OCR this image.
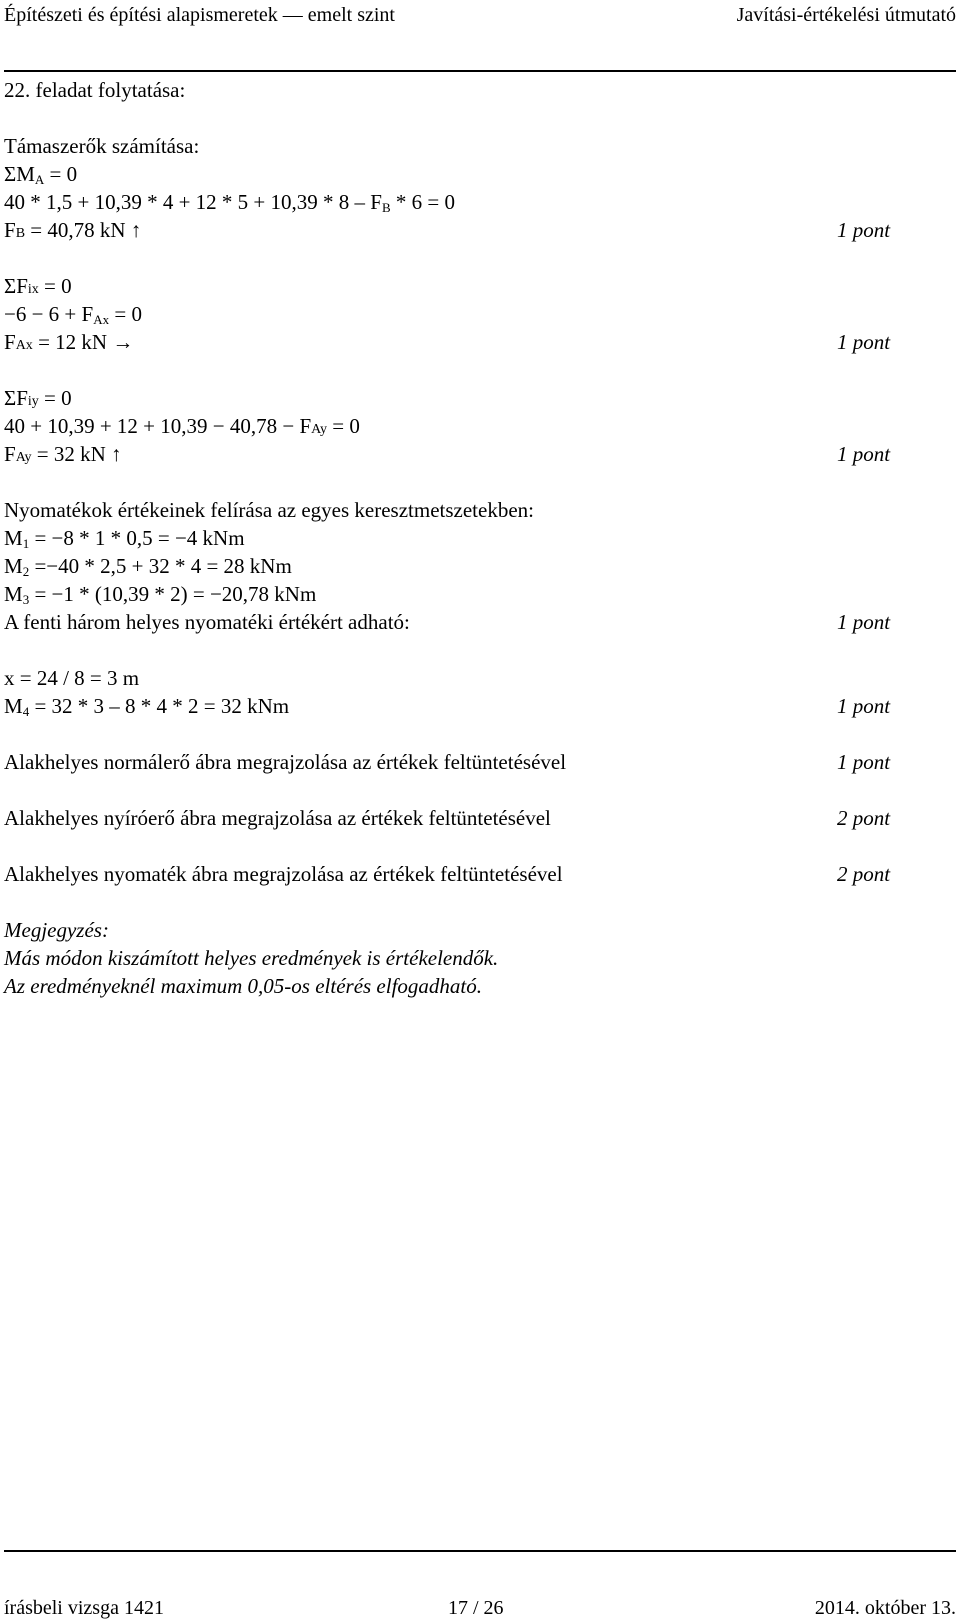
Építészeti és építési alapismeretek — emelt szint	Javítási-értékelési útmutató
22. feladat folytatása:
Támaszerők számítása:
$\Sigma M_A = 0$
$40 * 1,5 + 10,39 * 4 + 12 * 5 + 10,39 * 8 - F_B * 6 = 0$
FB = 40,78 kN ↑	1 pont
ΣFix = 0
$-6 - 6 + F_{Ax} = 0$
FAx = 12 kN →	1 pont
ΣFiy = 0
40 + 10,39 + 12 + 10,39 − 40,78 − FAy = 0
FAy = 32 kN ↑	1 pont
Nyomatékok értékeinek felírása az egyes keresztmetszetekben:
$M_1 = -8 * 1 * 0,5 = -4$ kNm
$M_2 =-40 * 2,5 + 32 * 4 = 28$ kNm
$M_3 = -1 * (10,39 * 2) = -20,78$ kNm
A fenti három helyes nyomatéki értékért adható:	1 pont
x = 24 / 8 = 3 m
$M_4 = 32 * 3 - 8 * 4 * 2 = 32$ kNm	1 pont
Alakhelyes normálerő ábra megrajzolása az értékek feltüntetésével	1 pont
Alakhelyes nyíróerő ábra megrajzolása az értékek feltüntetésével	2 pont
Alakhelyes nyomaték ábra megrajzolása az értékek feltüntetésével	2 pont
Megjegyzés:
Más módon kiszámított helyes eredmények is értékelendők.
Az eredményeknél maximum 0,05-os eltérés elfogadható.
írásbeli vizsga 1421	17 / 26	2014. október 13.
